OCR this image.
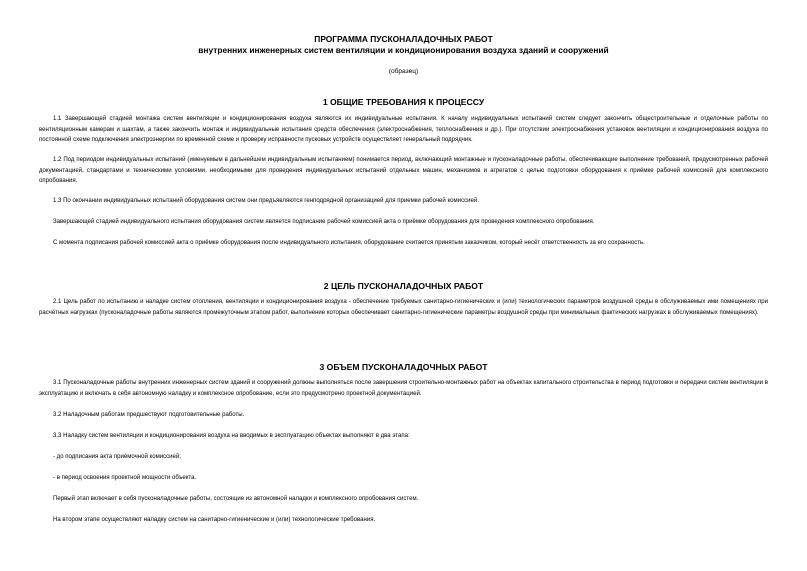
ПРОГРАММА ПУСКОНАЛАДОЧНЫХ РАБОТ
внутренних инженерных систем вентиляции и кондиционирования воздуха зданий и сооружений
(образец)
1 ОБЩИЕ ТРЕБОВАНИЯ К ПРОЦЕССУ
1.1 Завершающей стадией монтажа систем вентиляции и кондиционирования воздуха являются их индивидуальные испытания. К началу индивидуальных испытаний систем следует закончить общестроительные и отделочные работы по вентиляционным камерам и шахтам, а также закончить монтаж и индивидуальные испытания средств обеспечения (электроснабжения, теплоснабжения и др.). При отсутствии электроснабжения установок вентиляции и кондиционирования воздуха по постоянной схеме подключения электроэнергии по временной схеме и проверку исправности пусковых устройств осуществляет генеральный подрядчик.
1.2 Под периодом индивидуальных испытаний (именуемым в дальнейшем индивидуальным испытанием) понимается период, включающий монтажные и пусконаладочные работы, обеспечивающие выполнение требований, предусмотренных рабочей документацией, стандартами и техническими условиями, необходимыми для проведения индивидуальных испытаний отдельных машин, механизмов и агрегатов с целью подготовки оборудования к приёмке рабочей комиссией для комплексного опробования.
1.3 По окончании индивидуальных испытаний оборудования систем они предъявляются генподрядной организацией для приемки рабочей комиссией.
Завершающей стадией индивидуального испытания оборудования систем является подписание рабочей комиссией акта о приёмке оборудования для проведения комплексного опробования.
С момента подписания рабочей комиссией акта о приёмке оборудования после индивидуального испытания, оборудование считается принятым заказчиком, который несёт ответственность за его сохранность.
2 ЦЕЛЬ ПУСКОНАЛАДОЧНЫХ РАБОТ
2.1 Цель работ по испытанию и наладке систем отопления, вентиляции и кондиционирования воздуха - обеспечение требуемых санитарно-гигиенических и (или) технологических параметров воздушной среды в обслуживаемых ими помещениях при расчётных нагрузках (пусконаладочные работы являются промежуточным этапом работ, выполнение которых обеспечивает санитарно-гигиенические параметры воздушной среды при минимальных фактических нагрузках в обслуживаемых помещениях).
3 ОБЪЕМ ПУСКОНАЛАДОЧНЫХ РАБОТ
3.1 Пусконаладочные работы внутренних инженерных систем зданий и сооружений должны выполняться после завершения строительно-монтажных работ на объектах капитального строительства в период подготовки и передачи систем вентиляции в эксплуатацию и включать в себя автономную наладку и комплексное опробование, если это предусмотрено проектной документацией.
3.2 Наладочным работам предшествуют подготовительные работы.
3.3 Наладку систем вентиляции и кондиционирования воздуха на вводимых в эксплуатацию объектах выполняют в два этапа:
- до подписания акта приёмочной комиссией;
- в период освоения проектной мощности объекта.
Первый этап включает в себя пусконаладочные работы, состоящие из автономной наладки и комплексного опробования систем.
На втором этапе осуществляют наладку систем на санитарно-гигиенические и (или) технологические требования.
